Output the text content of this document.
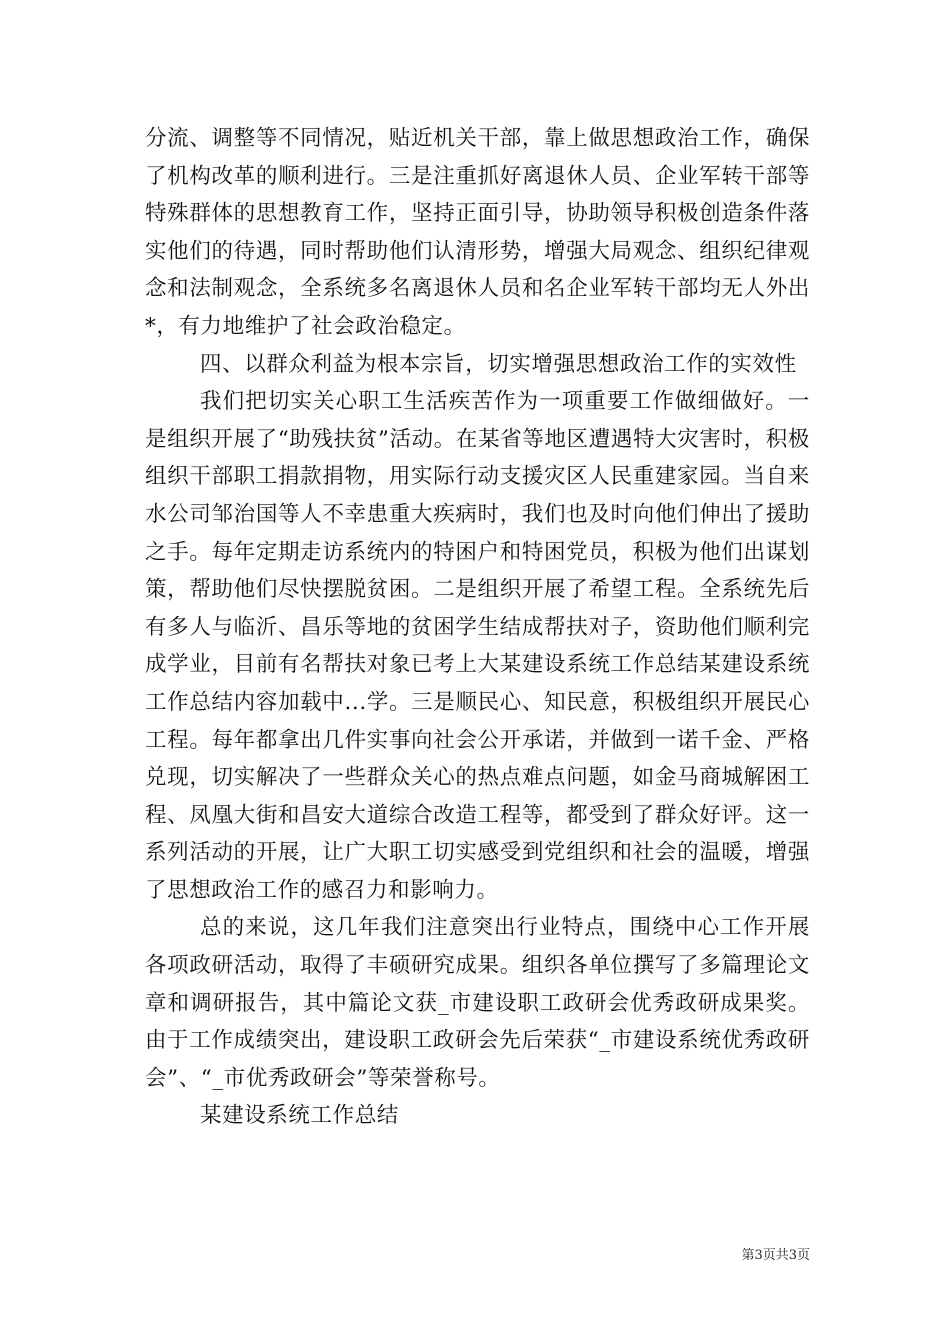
分流、调整等不同情况，贴近机关干部，靠上做思想政治工作，确保了机构改革的顺利进行。三是注重抓好离退休人员、企业军转干部等特殊群体的思想教育工作，坚持正面引导，协助领导积极创造条件落实他们的待遇，同时帮助他们认清形势，增强大局观念、组织纪律观念和法制观念，全系统多名离退休人员和名企业军转干部均无人外出*，有力地维护了社会政治稳定。

四、以群众利益为根本宗旨，切实增强思想政治工作的实效性

我们把切实关心职工生活疾苦作为一项重要工作做细做好。一是组织开展了“助残扶贫”活动。在某省等地区遭遇特大灾害时，积极组织干部职工捐款捐物，用实际行动支援灾区人民重建家园。当自来水公司邹治国等人不幸患重大疾病时，我们也及时向他们伸出了援助之手。每年定期走访系统内的特困户和特困党员，积极为他们出谋划策，帮助他们尽快摆脱贫困。二是组织开展了希望工程。全系统先后有多人与临沂、昌乐等地的贫困学生结成帮扶对子，资助他们顺利完成学业，目前有名帮扶对象已考上大某建设系统工作总结某建设系统工作总结内容加载中...学。三是顺民心、知民意，积极组织开展民心工程。每年都拿出几件实事向社会公开承诺，并做到一诺千金、严格兑现，切实解决了一些群众关心的热点难点问题，如金马商城解困工程、凤凰大街和昌安大道综合改造工程等，都受到了群众好评。这一系列活动的开展，让广大职工切实感受到党组织和社会的温暖，增强了思想政治工作的感召力和影响力。

总的来说，这几年我们注意突出行业特点，围绕中心工作开展各项政研活动，取得了丰硕研究成果。组织各单位撰写了多篇理论文章和调研报告，其中篇论文获_市建设职工政研会优秀政研成果奖。由于工作成绩突出，建设职工政研会先后荣获“_市建设系统优秀政研会”、“_市优秀政研会”等荣誉称号。

某建设系统工作总结

第3页共3页
